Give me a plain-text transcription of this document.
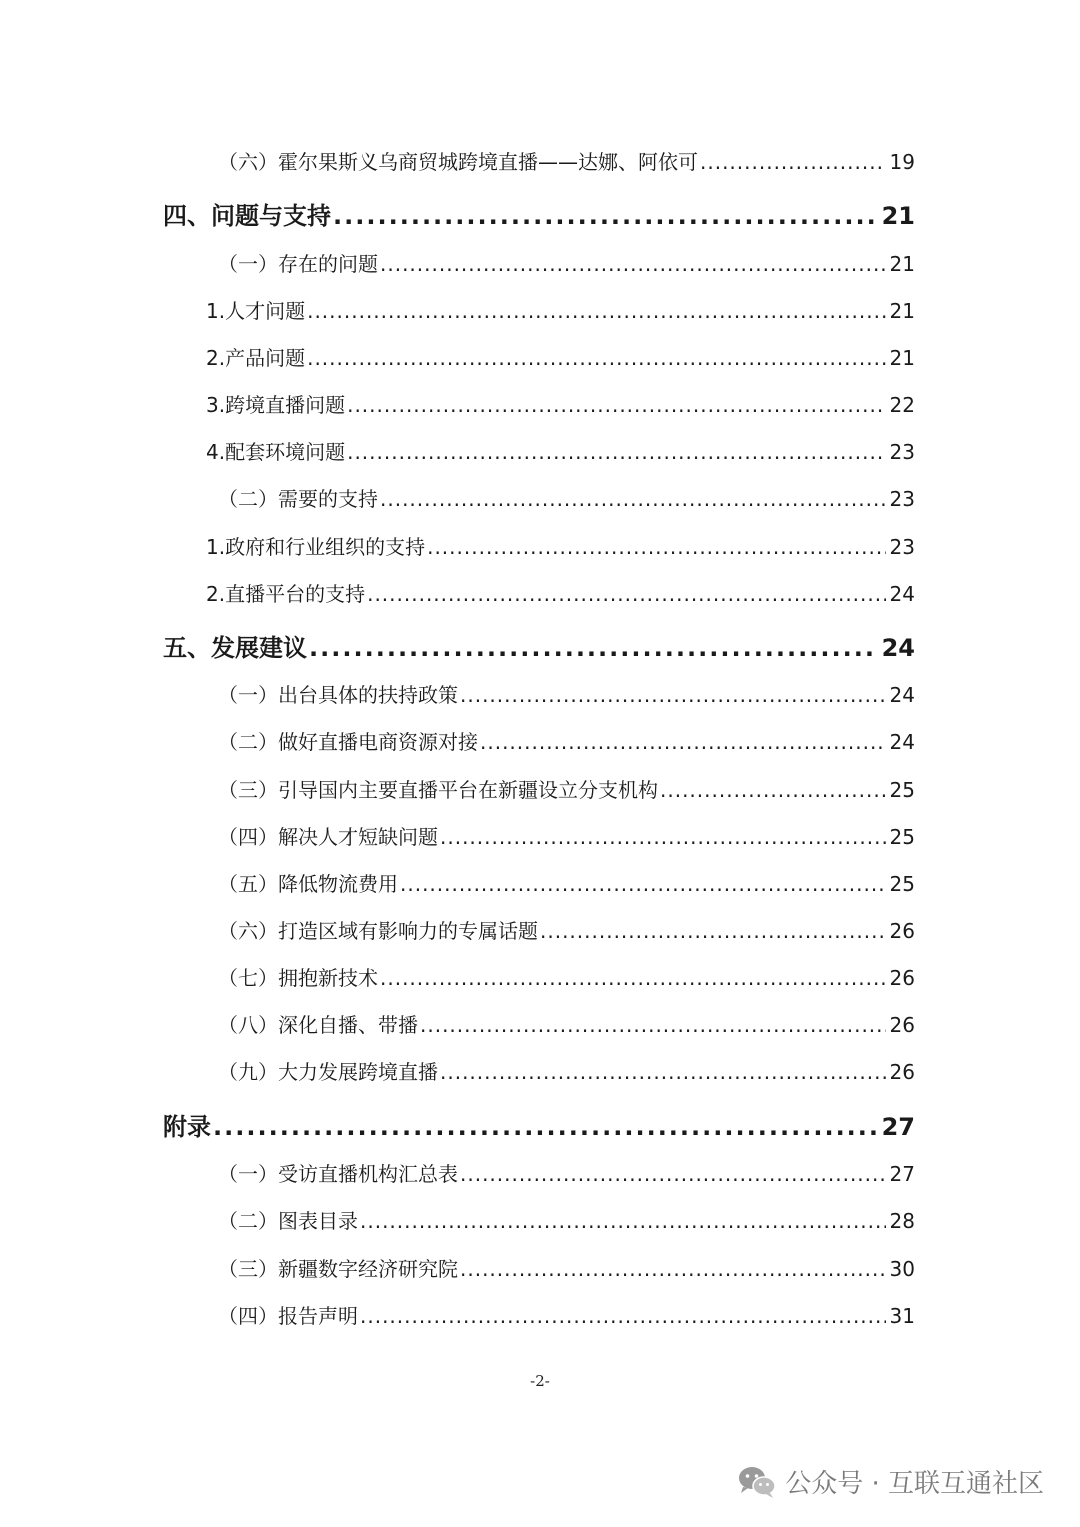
（六）霍尔果斯义乌商贸城跨境直播——达娜、阿依可 .....	19
四、问题与支持 .....	21
（一）存在的问题 .....	21
1.人才问题 .....	21
2.产品问题 .....	21
3.跨境直播问题 .....	22
4.配套环境问题 .....	23
（二）需要的支持 .....	23
1.政府和行业组织的支持 .....	23
2.直播平台的支持 .....	24
五、发展建议 .....	24
（一）出台具体的扶持政策 .....	24
（二）做好直播电商资源对接 .....	24
（三）引导国内主要直播平台在新疆设立分支机构 .....	25
（四）解决人才短缺问题 .....	25
（五）降低物流费用 .....	25
（六）打造区域有影响力的专属话题 .....	26
（七）拥抱新技术 .....	26
（八）深化自播、带播 .....	26
（九）大力发展跨境直播 .....	26
附录 .....	27
（一）受访直播机构汇总表 .....	27
（二）图表目录 .....	28
（三）新疆数字经济研究院 .....	30
（四）报告声明 .....	31
-2-
公众号 · 互联互通社区
